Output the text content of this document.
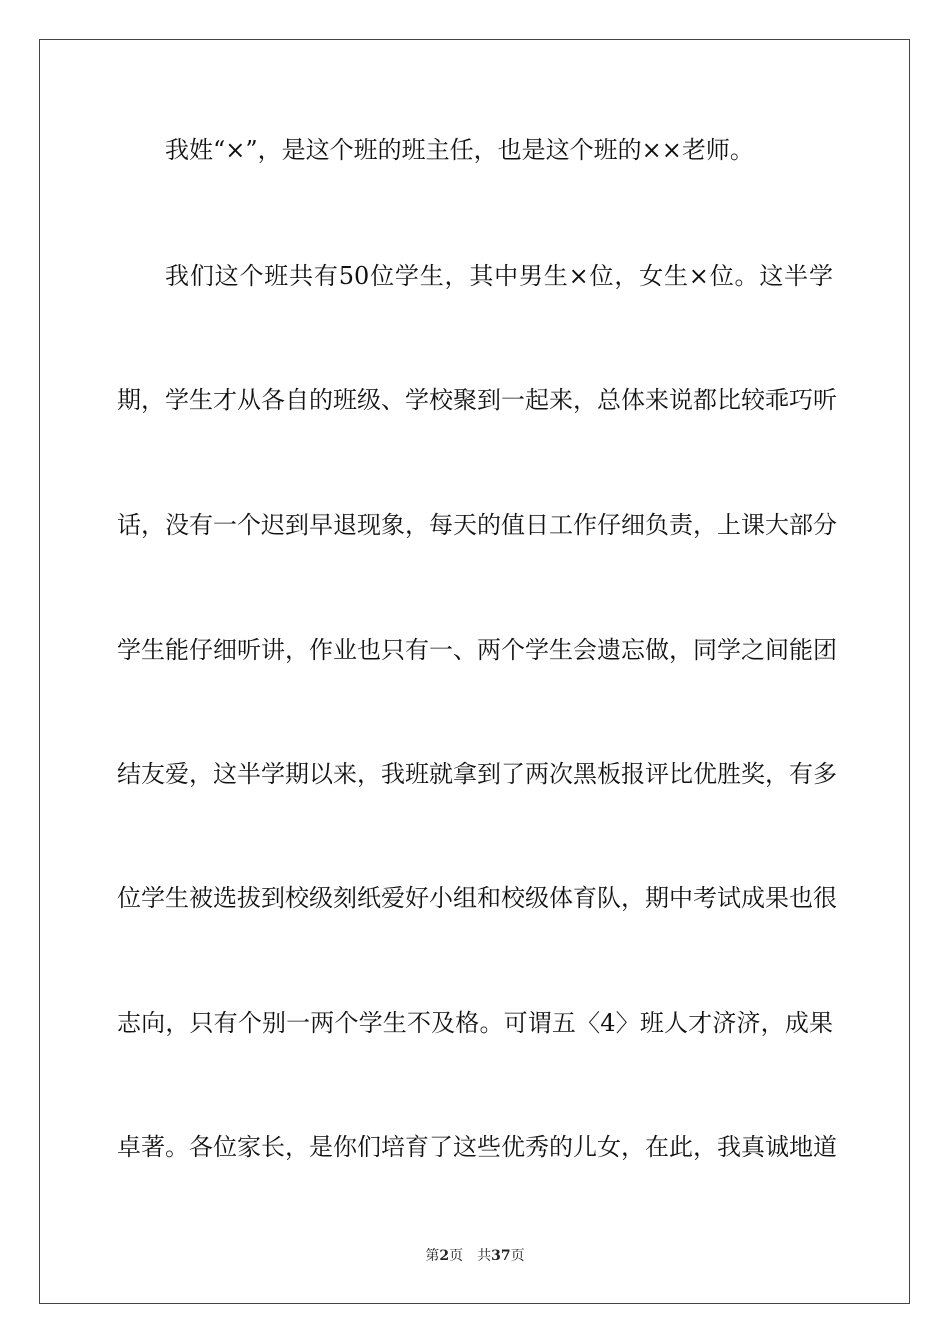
我姓“×”，是这个班的班主任，也是这个班的××老师。
我们这个班共有50位学生，其中男生×位，女生×位。这半学
期，学生才从各自的班级、学校聚到一起来，总体来说都比较乖巧听
话，没有一个迟到早退现象，每天的值日工作仔细负责，上课大部分
学生能仔细听讲，作业也只有一、两个学生会遗忘做，同学之间能团
结友爱，这半学期以来，我班就拿到了两次黑板报评比优胜奖，有多
位学生被选拔到校级刻纸爱好小组和校级体育队，期中考试成果也很
志向，只有个别一两个学生不及格。可谓五〈4〉班人才济济，成果
卓著。各位家长，是你们培育了这些优秀的儿女，在此，我真诚地道
第2页 共37页
